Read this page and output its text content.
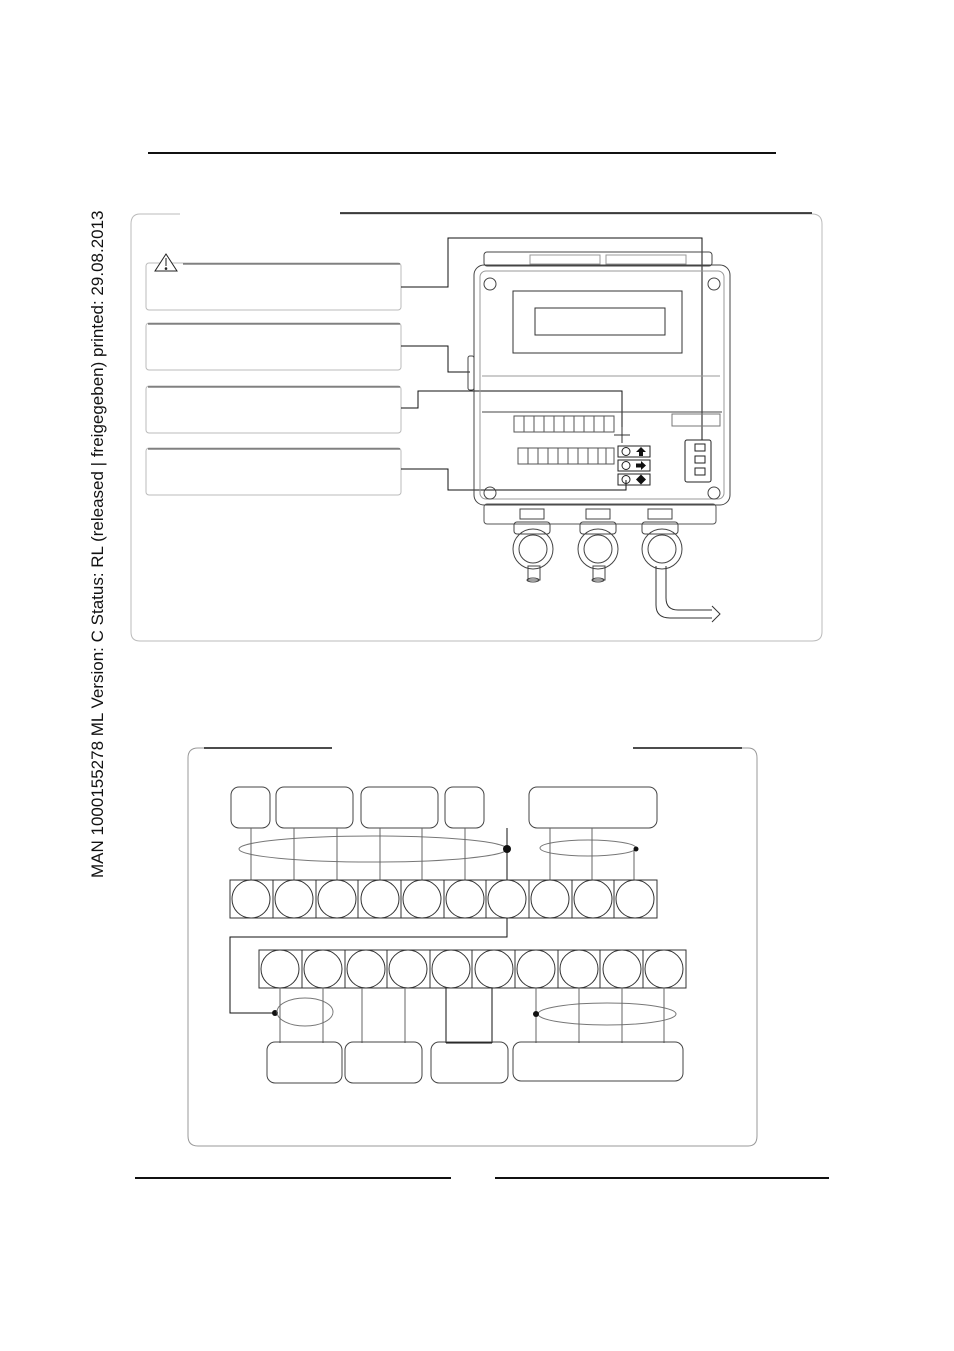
MAN 1000155278 ML Version: C Status: RL (released | freigegeben) printed: 29.08.2013
